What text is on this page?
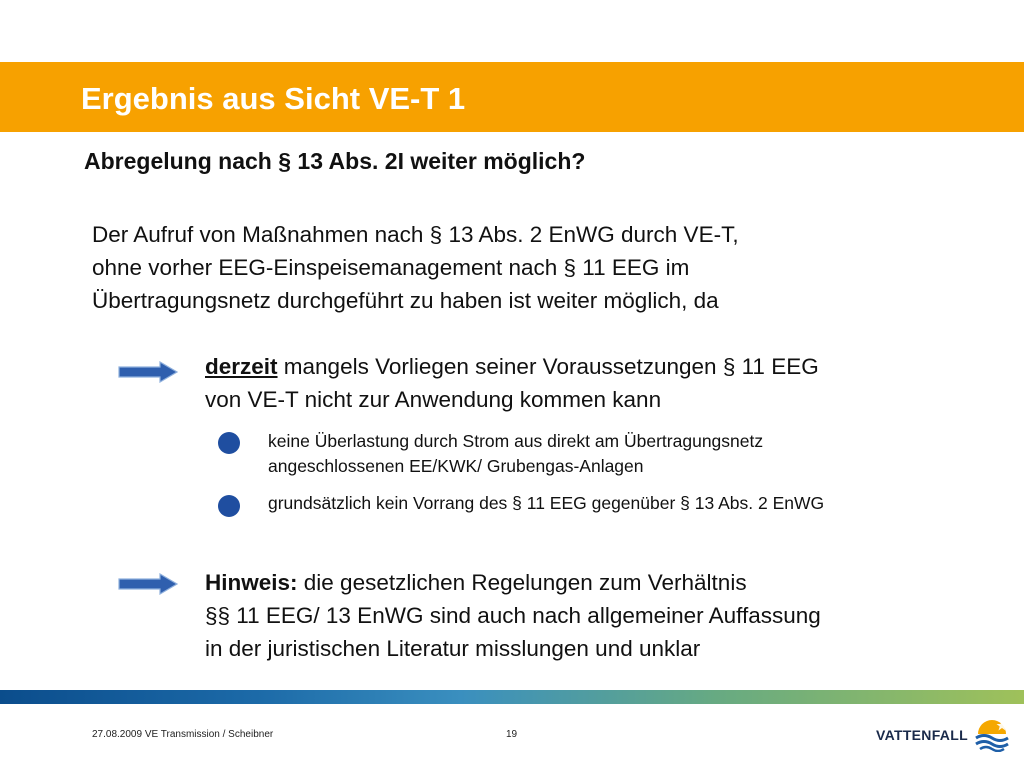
Ergebnis aus Sicht VE-T 1
Abregelung nach § 13 Abs. 2I weiter möglich?
Der Aufruf von Maßnahmen nach § 13 Abs. 2 EnWG durch VE-T,
ohne vorher EEG-Einspeisemanagement nach § 11 EEG im
Übertragungsnetz durchgeführt zu haben ist weiter möglich, da
derzeit mangels Vorliegen seiner Voraussetzungen § 11 EEG
von VE-T nicht zur Anwendung kommen kann
keine Überlastung durch Strom aus direkt am Übertragungsnetz
angeschlossenen EE/KWK/ Grubengas-Anlagen
grundsätzlich kein Vorrang des § 11 EEG gegenüber § 13 Abs. 2 EnWG
Hinweis: die gesetzlichen Regelungen zum Verhältnis
§§ 11 EEG/ 13 EnWG sind auch nach allgemeiner Auffassung
in der juristischen Literatur misslungen und unklar
27.08.2009 VE Transmission / Scheibner	19	VATTENFALL
